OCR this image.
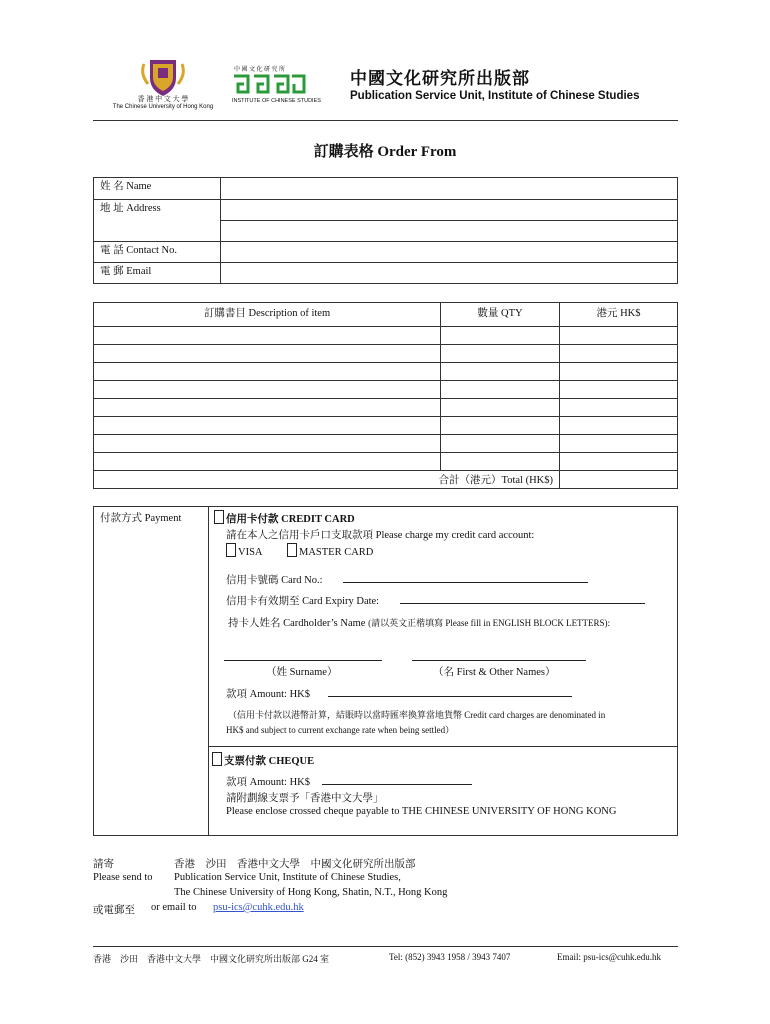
香 港 中 文 大 學
The Chinese University of Hong Kong
中 國 文 化 研 究 所
INSTITUTE OF CHINESE STUDIES
中國文化研究所出版部
Publication Service Unit, Institute of Chinese Studies
訂購表格 Order From
姓 名 Name	
地 址 Address	

電 話 Contact No.	
電 郵 Email	
訂購書目 Description of item	數量 QTY	港元 HK$

合計（港元）Total (HK$)		
付款方式 Payment	信用卡付款 CREDIT CARD
請在本人之信用卡戶口支取款項 Please charge my credit card account:
VISA	MASTER CARD
信用卡號碼 Card No.:
信用卡有效期至 Card Expiry Date:
持卡人姓名 Cardholder’s Name (請以英文正楷填寫 Please fill in ENGLISH BLOCK LETTERS):
（姓 Surname）	（名 First & Other Names）
款項 Amount: HK$
（信用卡付款以港幣計算，結賬時以當時匯率換算當地貨幣 Credit card charges are denominated in
HK$ and subject to current exchange rate when being settled）
支票付款 CHEQUE
款項 Amount: HK$
請附劃線支票予「香港中文大學」
Please enclose crossed cheque payable to THE CHINESE UNIVERSITY OF HONG KONG
請寄	香港　沙田　香港中文大學　中國文化研究所出版部
Please send to Publication Service Unit, Institute of Chinese Studies,
The Chinese University of Hong Kong, Shatin, N.T., Hong Kong
或電郵至 or email to psu-ics@cuhk.edu.hk
香港　沙田　香港中文大學　中國文化研究所出版部 G24 室	Tel: (852) 3943 1958 / 3943 7407	Email: psu-ics@cuhk.edu.hk
